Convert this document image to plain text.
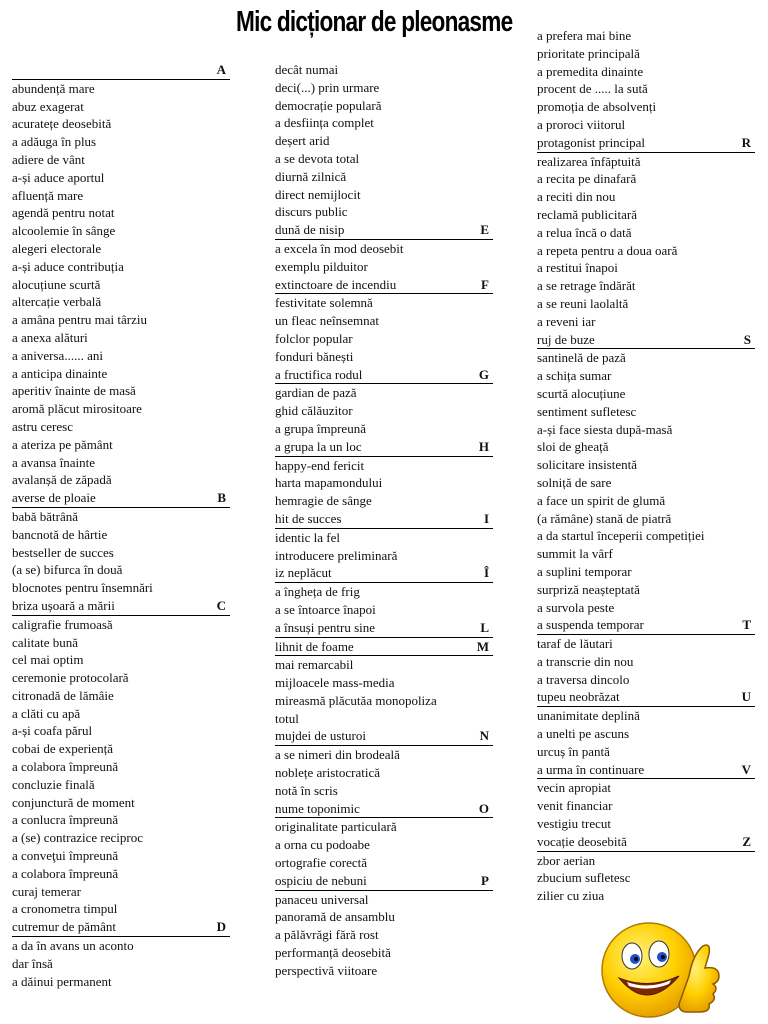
Mic dicționar de pleonasme
A
abundență mare
abuz exagerat
acuratețe deosebită
a adăuga în plus
adiere de vânt
a-și aduce aportul
afluență mare
agendă pentru notat
alcoolemie în sânge
alegeri electorale
a-și aduce contribuția
alocuțiune scurtă
altercație verbală
a amâna pentru mai târziu
a anexa alături
a aniversa...... ani
a anticipa dinainte
aperitiv înainte de masă
aromă plăcut mirositoare
astru ceresc
a ateriza pe pământ
a avansa înainte
avalanșă de zăpadă
averse de ploaie	B
babă bătrână
bancnotă de hârtie
bestseller de succes
(a se) bifurca în două
blocnotes pentru însemnări
briza ușoară a mării	C
caligrafie frumoasă
calitate bună
cel mai optim
ceremonie protocolară
citronadă de lămâie
a clăti cu apă
a-și coafa părul
cobai de experiență
a colabora împreună
concluzie finală
conjunctură de moment
a conlucra împreună
a (se) contrazice reciproc
a conveţui împreună
a colabora împreună
curaj temerar
a cronometra timpul
cutremur de pământ	D
a da în avans un aconto
dar însă
a dăinui permanent
decât numai
deci(...) prin urmare
democrație populară
a desființa complet
deșert arid
a se devota total
diurnă zilnică
direct nemijlocit
discurs public
dună de nisip	E
a excela în mod deosebit
exemplu pilduitor
extinctoare de incendiu	F
festivitate solemnă
un fleac neînsemnat
folclor popular
fonduri bănești
a fructifica rodul	G
gardian de pază
ghid călăuzitor
a grupa împreună
a grupa la un loc	H
happy-end fericit
harta mapamondului
hemragie de sânge
hit de succes	I
identic la fel
introducere preliminară
iz neplăcut	Î
a îngheța de frig
a se întoarce înapoi
a însuși pentru sine	L
lihnit de foame	M
mai remarcabil
mijloacele mass-media
mireasmă plăcutăa monopoliza
totul
mujdei de usturoi	N
a se nimeri din brodeală
noblețe aristocratică
notă în scris
nume toponimic	O
originalitate particulară
a orna cu podoabe
ortografie corectă
ospiciu de nebuni	P
panaceu universal
panoramă de ansamblu
a pălăvrăgi fără rost
performanță deosebită
perspectivă viitoare
a prefera mai bine
prioritate principală
a premedita dinainte
procent de ..... la sută
promoția de absolvenți
a proroci viitorul
protagonist principal	R
realizarea înfăptuită
a recita pe dinafară
a reciti din nou
reclamă publicitară
a relua încă o dată
a repeta pentru a doua oară
a restitui înapoi
a se retrage îndărăt
a se reuni laolaltă
a reveni iar
ruj de buze	S
santinelă de pază
a schița sumar
scurtă alocuțiune
sentiment sufletesc
a-și face siesta după-masă
sloi de gheață
solicitare insistentă
solniță de sare
a face un spirit de glumă
(a rămâne) stană de piatră
a da startul începerii competiției
summit la vârf
a suplini temporar
surpriză neașteptată
a survola peste
a suspenda temporar	T
taraf de lăutari
a transcrie din nou
a traversa dincolo
tupeu neobrăzat	U
unanimitate deplină
a unelti pe ascuns
urcuș în pantă
a urma în continuare	V
vecin apropiat
venit financiar
vestigiu trecut
vocație deosebită	Z
zbor aerian
zbucium sufletesc
zilier cu ziua
